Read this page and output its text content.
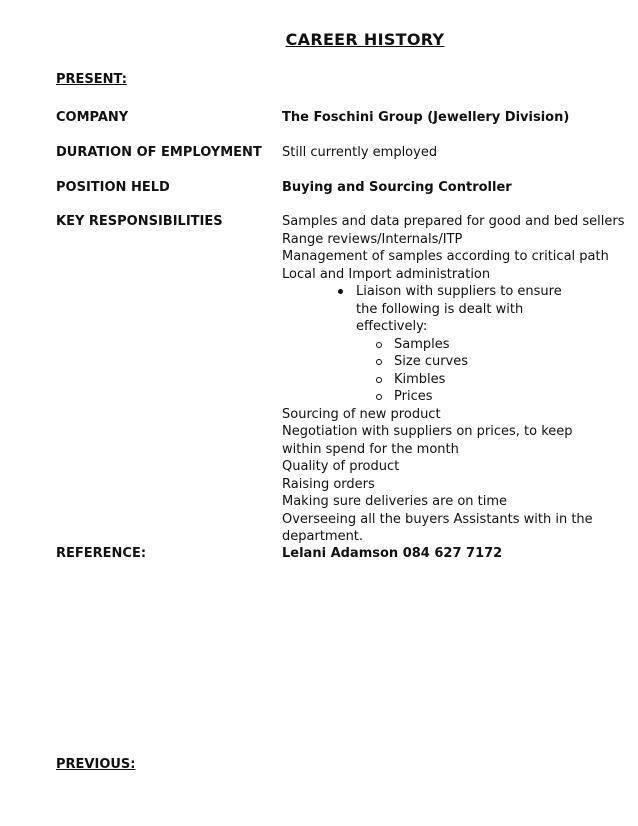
CAREER HISTORY
PRESENT:
COMPANY	The Foschini Group (Jewellery Division)
DURATION OF EMPLOYMENT Still currently employed
POSITION HELD	Buying and Sourcing Controller
KEY RESPONSIBILITIES	Samples and data prepared for good and bed sellers
Range reviews/Internals/ITP
Management of samples according to critical path
Local and Import administration
Liaison with suppliers to ensure the following is dealt with effectively:
Samples
Size curves
Kimbles
Prices
Sourcing of new product
Negotiation with suppliers on prices, to keep within spend for the month
Quality of product
Raising orders
Making sure deliveries are on time
Overseeing all the buyers Assistants with in the department.
REFERENCE:	Lelani Adamson 084 627 7172
PREVIOUS:
